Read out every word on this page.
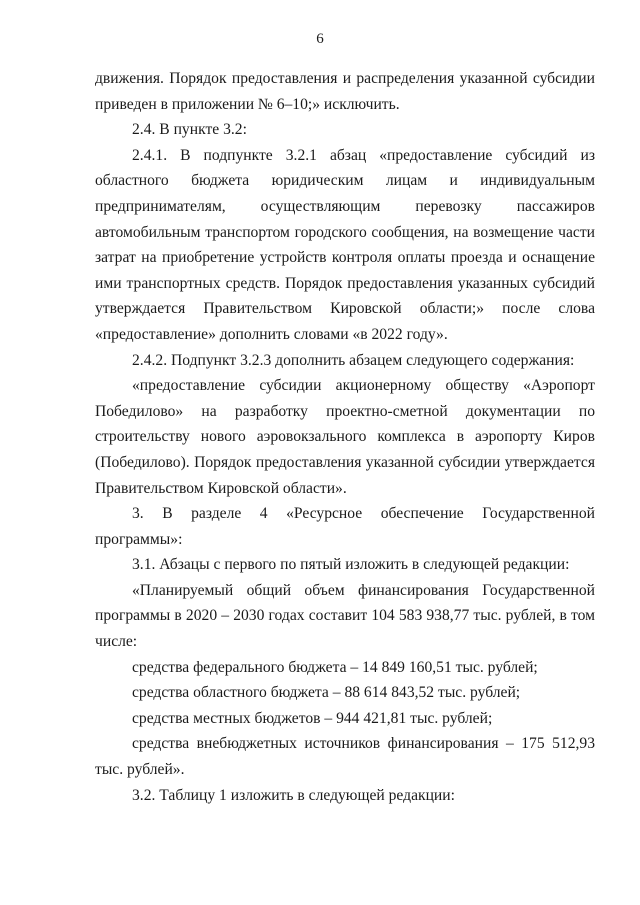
6

движения. Порядок предоставления и распределения указанной субсидии приведен в приложении № 6–10;» исключить.

2.4. В пункте 3.2:

2.4.1. В подпункте 3.2.1 абзац «предоставление субсидий из областного бюджета юридическим лицам и индивидуальным предпринимателям, осуществляющим перевозку пассажиров автомобильным транспортом городского сообщения, на возмещение части затрат на приобретение устройств контроля оплаты проезда и оснащение ими транспортных средств. Порядок предоставления указанных субсидий утверждается Правительством Кировской области;» после слова «предоставление» дополнить словами «в 2022 году».

2.4.2. Подпункт 3.2.3 дополнить абзацем следующего содержания:

«предоставление субсидии акционерному обществу «Аэропорт Победилово» на разработку проектно-сметной документации по строительству нового аэровокзального комплекса в аэропорту Киров (Победилово). Порядок предоставления указанной субсидии утверждается Правительством Кировской области».

3. В разделе 4 «Ресурсное обеспечение Государственной программы»:

3.1. Абзацы с первого по пятый изложить в следующей редакции:

«Планируемый общий объем финансирования Государственной программы в 2020 – 2030 годах составит 104 583 938,77 тыс. рублей, в том числе:

средства федерального бюджета – 14 849 160,51 тыс. рублей;

средства областного бюджета – 88 614 843,52 тыс. рублей;

средства местных бюджетов – 944 421,81 тыс. рублей;

средства внебюджетных источников финансирования – 175 512,93 тыс. рублей».

3.2. Таблицу 1 изложить в следующей редакции:
